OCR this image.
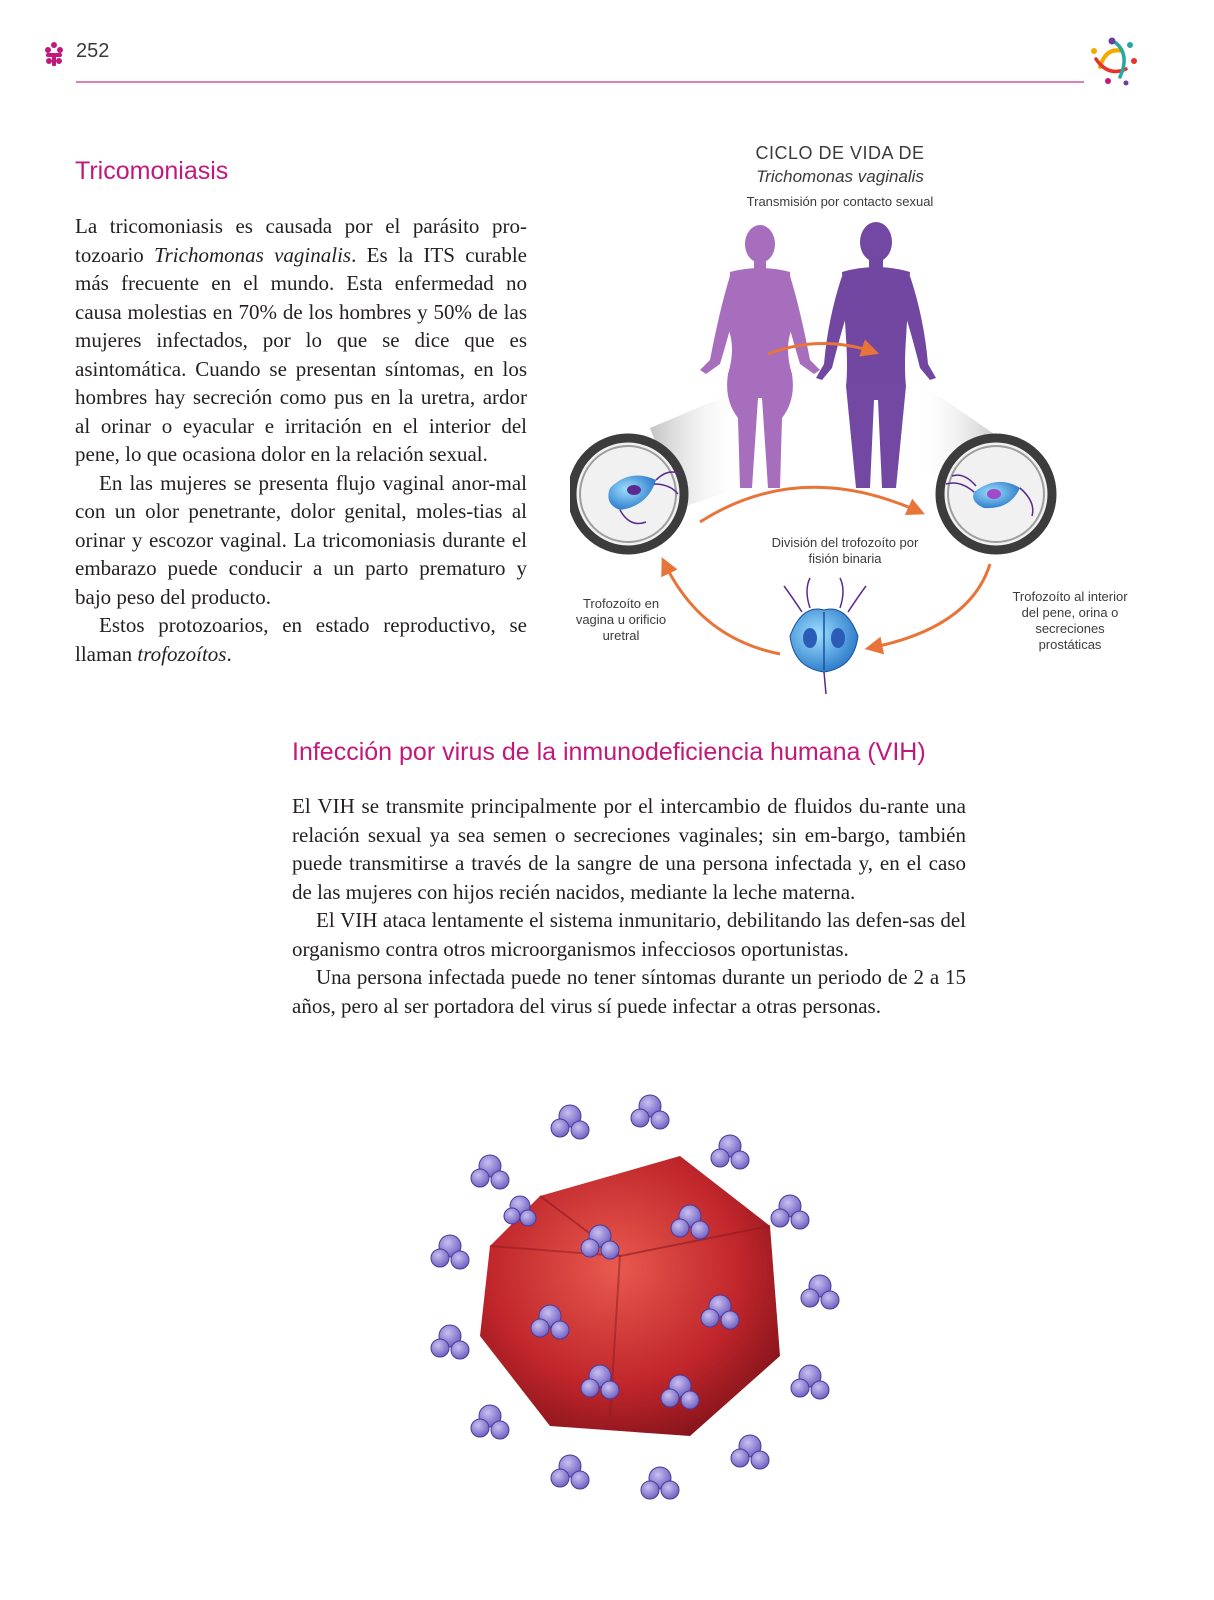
252
Tricomoniasis

La tricomoniasis es causada por el parásito pro-tozoario Trichomonas vaginalis. Es la ITS curable más frecuente en el mundo. Esta enfermedad no causa molestias en 70% de los hombres y 50% de las mujeres infectados, por lo que se dice que es asintomática. Cuando se presentan síntomas, en los hombres hay secreción como pus en la uretra, ardor al orinar o eyacular e irritación en el interior del pene, lo que ocasiona dolor en la relación sexual.

En las mujeres se presenta flujo vaginal anor-mal con un olor penetrante, dolor genital, moles-tias al orinar y escozor vaginal. La tricomoniasis durante el embarazo puede conducir a un parto prematuro y bajo peso del producto.

Estos protozoarios, en estado reproductivo, se llaman trofozoítos.

CICLO DE VIDA DE
Trichomonas vaginalis
Transmisión por contacto sexual
División del trofozoíto por fisión binaria
Trofozoíto en vagina u orificio uretral
Trofozoíto al interior del pene, orina o secreciones prostáticas
Infección por virus de la inmunodeficiencia humana (VIH)

El VIH se transmite principalmente por el intercambio de fluidos du-rante una relación sexual ya sea semen o secreciones vaginales; sin em-bargo, también puede transmitirse a través de la sangre de una persona infectada y, en el caso de las mujeres con hijos recién nacidos, mediante la leche materna.

El VIH ataca lentamente el sistema inmunitario, debilitando las defen-sas del organismo contra otros microorganismos infecciosos oportunistas.

Una persona infectada puede no tener síntomas durante un periodo de 2 a 15 años, pero al ser portadora del virus sí puede infectar a otras personas.
